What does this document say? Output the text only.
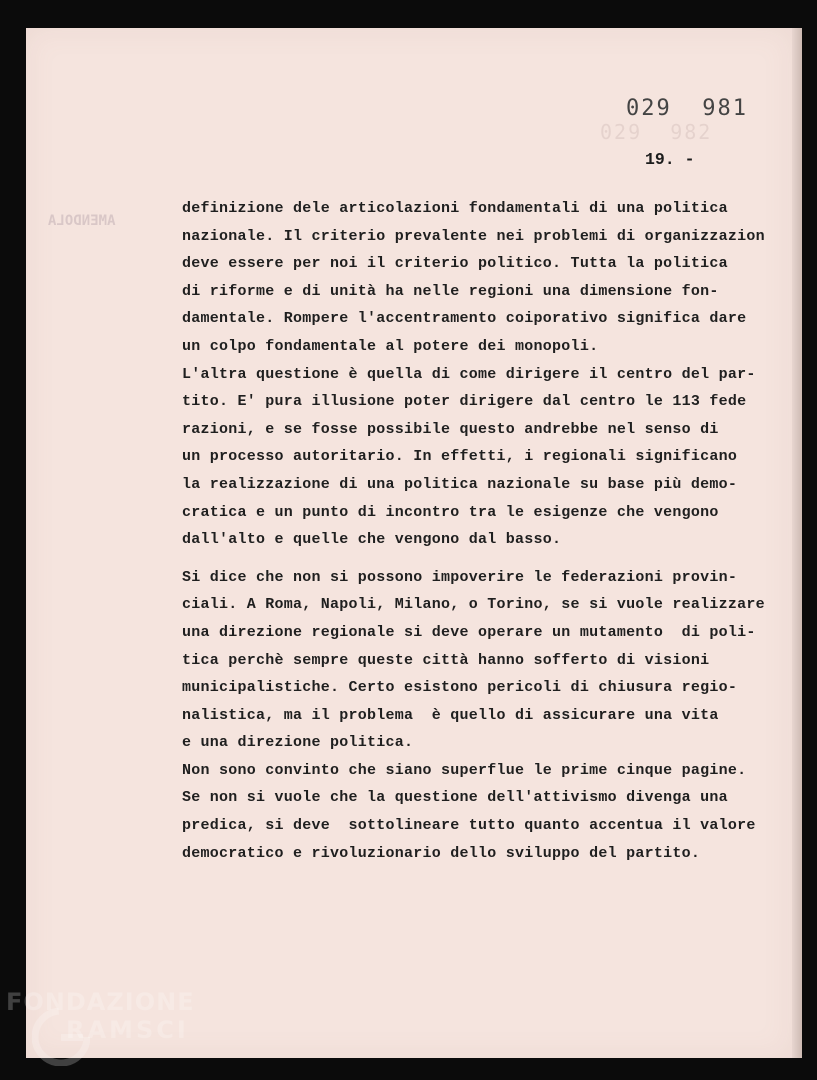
029  982
AMENDOLA
029  981
19. -
definizione dele articolazioni fondamentali di una politica
nazionale. Il criterio prevalente nei problemi di organizzazion
deve essere per noi il criterio politico. Tutta la politica
di riforme e di unità ha nelle regioni una dimensione fon-
damentale. Rompere l'accentramento coiporativo significa dare
un colpo fondamentale al potere dei monopoli.
L'altra questione è quella di come dirigere il centro del par-
tito. E' pura illusione poter dirigere dal centro le 113 fede
razioni, e se fosse possibile questo andrebbe nel senso di
un processo autoritario. In effetti, i regionali significano
la realizzazione di una politica nazionale su base più demo-
cratica e un punto di incontro tra le esigenze che vengono
dall'alto e quelle che vengono dal basso.
Si dice che non si possono impoverire le federazioni provin-
ciali. A Roma, Napoli, Milano, o Torino, se si vuole realizzare
una direzione regionale si deve operare un mutamento  di poli-
tica perchè sempre queste città hanno sofferto di visioni
municipalistiche. Certo esistono pericoli di chiusura regio-
nalistica, ma il problema  è quello di assicurare una vita
e una direzione politica.
Non sono convinto che siano superflue le prime cinque pagine.
Se non si vuole che la questione dell'attivismo divenga una
predica, si deve  sottolineare tutto quanto accentua il valore
democratico e rivoluzionario dello sviluppo del partito.
FONDAZIONE
RAMSCI
